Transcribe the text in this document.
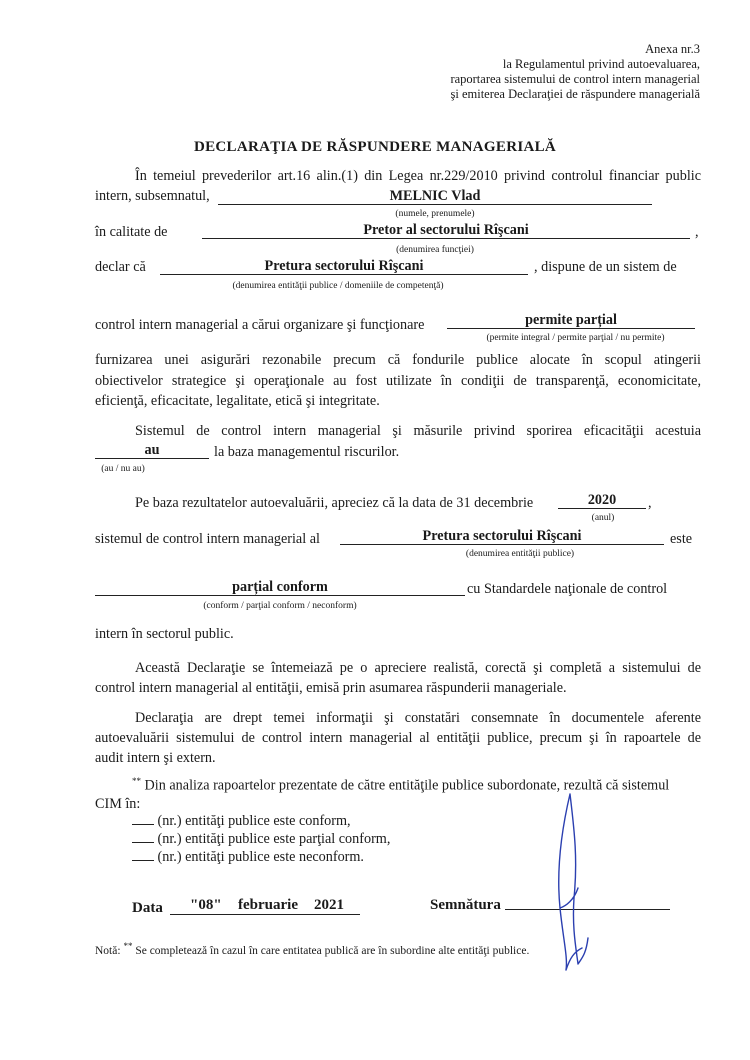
Anexa nr.3
la Regulamentul privind autoevaluarea,
raportarea sistemului de control intern managerial
şi emiterea Declaraţiei de răspundere managerială
DECLARAŢIA DE RĂSPUNDERE MANAGERIALĂ
În temeiul prevederilor art.16 alin.(1) din Legea nr.229/2010 privind controlul financiar public
intern, subsemnatul,	MELNIC Vlad
(numele, prenumele)
în calitate de	Pretor al sectorului Rîşcani	,
(denumirea funcţiei)
declar că	Pretura sectorului Rîşcani	, dispune de un sistem de
(denumirea entităţii publice / domeniile de competenţă)
control intern managerial a cărui organizare şi funcţionare	permite parțial
(permite integral / permite parţial / nu permite)
furnizarea unei asigurări rezonabile precum că fondurile publice alocate în scopul atingerii
obiectivelor strategice şi operaţionale au fost utilizate în condiţii de transparenţă, economicitate,
eficienţă, eficacitate, legalitate, etică şi integritate.
Sistemul de control intern managerial şi măsurile privind sporirea eficacităţii acestuia
au	la baza managementul riscurilor.
(au / nu au)
Pe baza rezultatelor autoevaluării, apreciez că la data de 31 decembrie	2020	,
(anul)
sistemul de control intern managerial al	Pretura sectorului Rîşcani	este
(denumirea entităţii publice)
parțial conform	cu Standardele naţionale de control
(conform / parţial conform / neconform)
intern în sectorul public.
Această Declaraţie se întemeiază pe o apreciere realistă, corectă şi completă a sistemului de
control intern managerial al entităţii, emisă prin asumarea răspunderii manageriale.
Declaraţia are drept temei informaţii şi constatări consemnate în documentele aferente
autoevaluării sistemului de control intern managerial al entităţii publice, precum şi în rapoartele de
audit intern şi extern.
** Din analiza rapoartelor prezentate de către entităţile publice subordonate, rezultă că sistemul
CIM în:
(nr.) entităţi publice este conform,
(nr.) entităţi publice este parţial conform,
(nr.) entităţi publice este neconform.
Data "08" februarie 2021	Semnătura
Notă: ** Se completează în cazul în care entitatea publică are în subordine alte entităţi publice.
